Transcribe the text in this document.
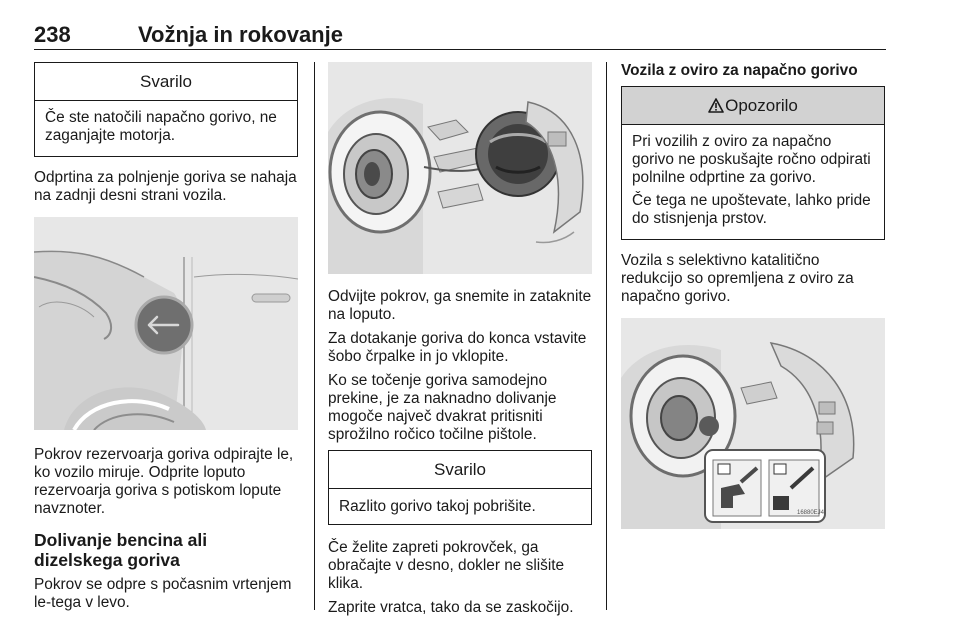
238	Vožnja in rokovanje
Svarilo

Če ste natočili napačno gorivo, ne zaganjajte motorja.

Odprtina za polnjenje goriva se nahaja na zadnji desni strani vozila.

Pokrov rezervoarja goriva odpirajte le, ko vozilo miruje. Odprite loputo rezervoarja goriva s potiskom lopute navznoter.

Dolivanje bencina ali dizelskega goriva

Pokrov se odpre s počasnim vrtenjem le-tega v levo.

Odvijte pokrov, ga snemite in zataknite na loputo.

Za dotakanje goriva do konca vstavite šobo črpalke in jo vklopite.

Ko se točenje goriva samodejno prekine, je za naknadno dolivanje mogoče največ dvakrat pritisniti sprožilno ročico točilne pištole.

Svarilo

Razlito gorivo takoj pobrišite.

Če želite zapreti pokrovček, ga obračajte v desno, dokler ne slišite klika.

Zaprite vratca, tako da se zaskočijo.

Vozila z oviro za napačno gorivo
Opozorilo

Pri vozilih z oviro za napačno gorivo ne poskušajte ročno odpirati polnilne odprtine za gorivo.

Če tega ne upoštevate, lahko pride do stisnjenja prstov.

Vozila s selektivno katalitično redukcijo so opremljena z oviro za napačno gorivo.

16880EJ4
